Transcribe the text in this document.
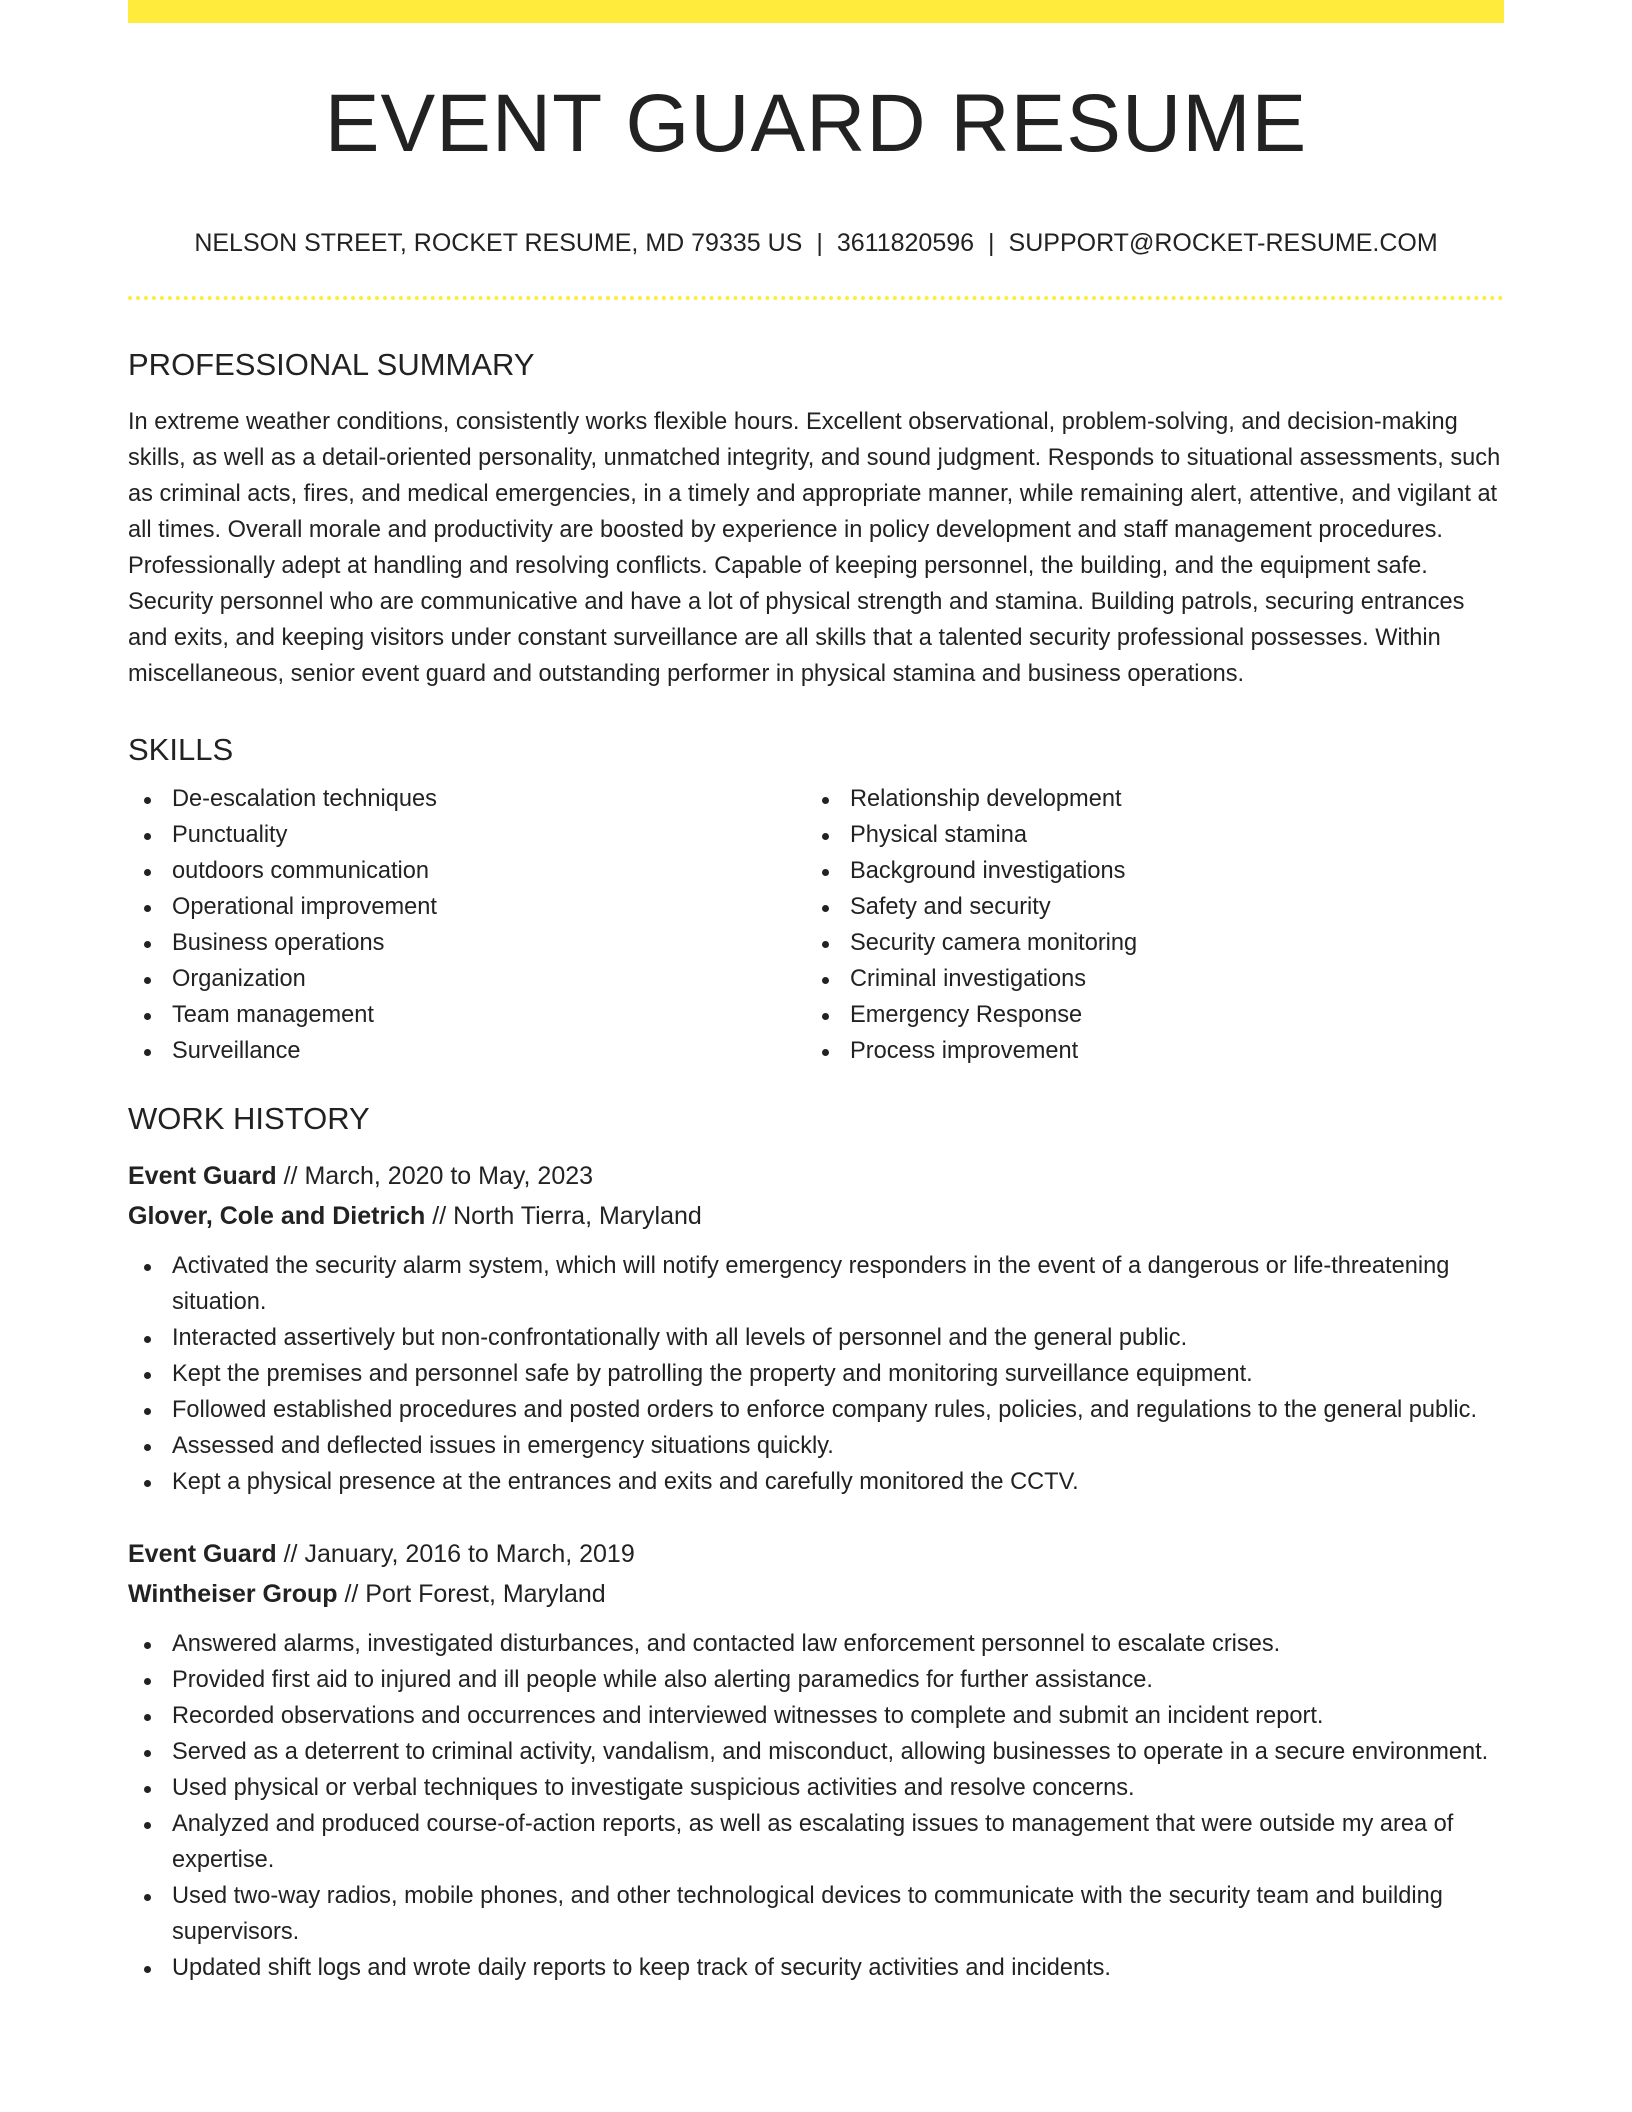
EVENT GUARD RESUME
NELSON STREET, ROCKET RESUME, MD 79335 US | 3611820596 | SUPPORT@ROCKET-RESUME.COM
PROFESSIONAL SUMMARY
In extreme weather conditions, consistently works flexible hours. Excellent observational, problem-solving, and decision-making skills, as well as a detail-oriented personality, unmatched integrity, and sound judgment. Responds to situational assessments, such as criminal acts, fires, and medical emergencies, in a timely and appropriate manner, while remaining alert, attentive, and vigilant at all times. Overall morale and productivity are boosted by experience in policy development and staff management procedures. Professionally adept at handling and resolving conflicts. Capable of keeping personnel, the building, and the equipment safe. Security personnel who are communicative and have a lot of physical strength and stamina. Building patrols, securing entrances and exits, and keeping visitors under constant surveillance are all skills that a talented security professional possesses. Within miscellaneous, senior event guard and outstanding performer in physical stamina and business operations.
SKILLS
De-escalation techniques
Punctuality
outdoors communication
Operational improvement
Business operations
Organization
Team management
Surveillance
Relationship development
Physical stamina
Background investigations
Safety and security
Security camera monitoring
Criminal investigations
Emergency Response
Process improvement
WORK HISTORY
Event Guard // March, 2020 to May, 2023
Glover, Cole and Dietrich // North Tierra, Maryland
Activated the security alarm system, which will notify emergency responders in the event of a dangerous or life-threatening situation.
Interacted assertively but non-confrontationally with all levels of personnel and the general public.
Kept the premises and personnel safe by patrolling the property and monitoring surveillance equipment.
Followed established procedures and posted orders to enforce company rules, policies, and regulations to the general public.
Assessed and deflected issues in emergency situations quickly.
Kept a physical presence at the entrances and exits and carefully monitored the CCTV.
Event Guard // January, 2016 to March, 2019
Wintheiser Group // Port Forest, Maryland
Answered alarms, investigated disturbances, and contacted law enforcement personnel to escalate crises.
Provided first aid to injured and ill people while also alerting paramedics for further assistance.
Recorded observations and occurrences and interviewed witnesses to complete and submit an incident report.
Served as a deterrent to criminal activity, vandalism, and misconduct, allowing businesses to operate in a secure environment.
Used physical or verbal techniques to investigate suspicious activities and resolve concerns.
Analyzed and produced course-of-action reports, as well as escalating issues to management that were outside my area of expertise.
Used two-way radios, mobile phones, and other technological devices to communicate with the security team and building supervisors.
Updated shift logs and wrote daily reports to keep track of security activities and incidents.
